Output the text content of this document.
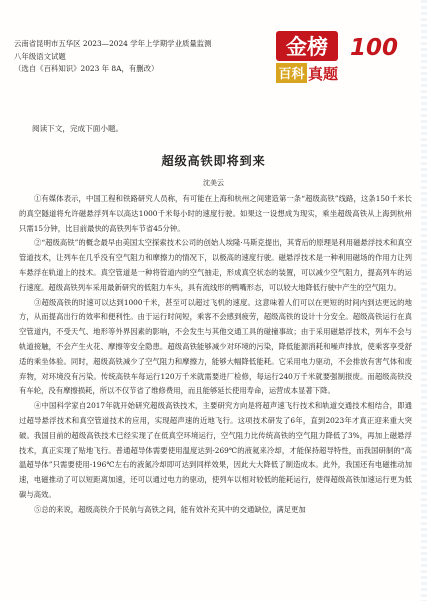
云南省昆明市五华区 2023—2024 学年上学期学业质量监测
八年级语文试题
（选自《百科知识》2023 年 8A，有删改）
金榜 100
百科 真题
阅读下文，完成下面小题。
超级高铁即将到来
沈美云

①有媒体表示，中国工程和铁路研究人员称，有可能在上海和杭州之间建造第一条“超级高铁”线路，这条150千米长的真空隧道将允许磁悬浮列车以高达1000千米每小时的速度行驶。如果这一设想成为现实，乘坐超级高铁从上海到杭州只需15分钟，比目前最快的高铁列车节省45分钟。

②“超级高铁”的概念最早由美国太空探索技术公司的创始人埃隆·马斯克提出，其背后的原理是利用磁悬浮技术和真空管道技术，让列车在几乎没有空气阻力和摩擦力的情况下，以极高的速度行驶。磁悬浮技术是一种利用磁场的作用力让列车悬浮在轨道上的技术。真空管道是一种将管道内的空气抽走，形成真空状态的装置，可以减少空气阻力，提高列车的运行速度。超级高铁列车采用最新研究的低阻力车头，具有流线形的鸭嘴形态，可以较大地降低行驶中产生的空气阻力。

③超级高铁的时速可以达到1000千米，甚至可以超过飞机的速度。这意味着人们可以在更短的时间内到达更远的地方，从而提高出行的效率和便利性。由于运行时间短，乘客不会感到疲劳，超级高铁的设计十分安全。超级高铁运行在真空管道内，不受天气、地形等外界因素的影响，不会发生与其他交通工具的碰撞事故；由于采用磁悬浮技术，列车不会与轨道接触，不会产生火花、摩擦等安全隐患。超级高铁能够减少对环境的污染，降低能源消耗和噪声排放，使乘客享受舒适的乘坐体验。同时，超级高铁减少了空气阻力和摩擦力，能够大幅降低能耗。它采用电力驱动，不会排放有害气体和废弃物，对环境没有污染。传统高铁车每运行120万千米就需要进厂检修，每运行240万千米就要强制报废。而超级高铁没有车轮，没有摩擦损耗，所以不仅节省了维修费用，而且能够延长使用寿命，运营成本显著下降。

④中国科学家自2017年就开始研究超级高铁技术，主要研究方向是将超声速飞行技术和轨道交通技术相结合，即通过超导悬浮技术和真空管道技术的应用，实现超声速的近地飞行。这项技术研发了6年，直到2023年才真正迎来重大突破。我国目前的超级高铁技术已经实现了在低真空环境运行，空气阻力比传统高铁的空气阻力降低了3%，再加上磁悬浮技术，真正实现了贴地飞行。普通超导体需要使用温度达到-269℃的液氦来冷却，才能保持超导特性，而我国研制的“高温超导体”只需要使用-196℃左右的液氮冷却即可达到同样效果，因此大大降低了制造成本。此外，我国还有电磁推动加速，电磁推动了可以短距离加速，还可以通过电力的驱动，使列车以相对较低的能耗运行，使得超级高铁加速运行更为低碳与高效。

⑤总的来说，超级高铁介于民航与高铁之间，能有效补充其中的交通缺位，满足更加
